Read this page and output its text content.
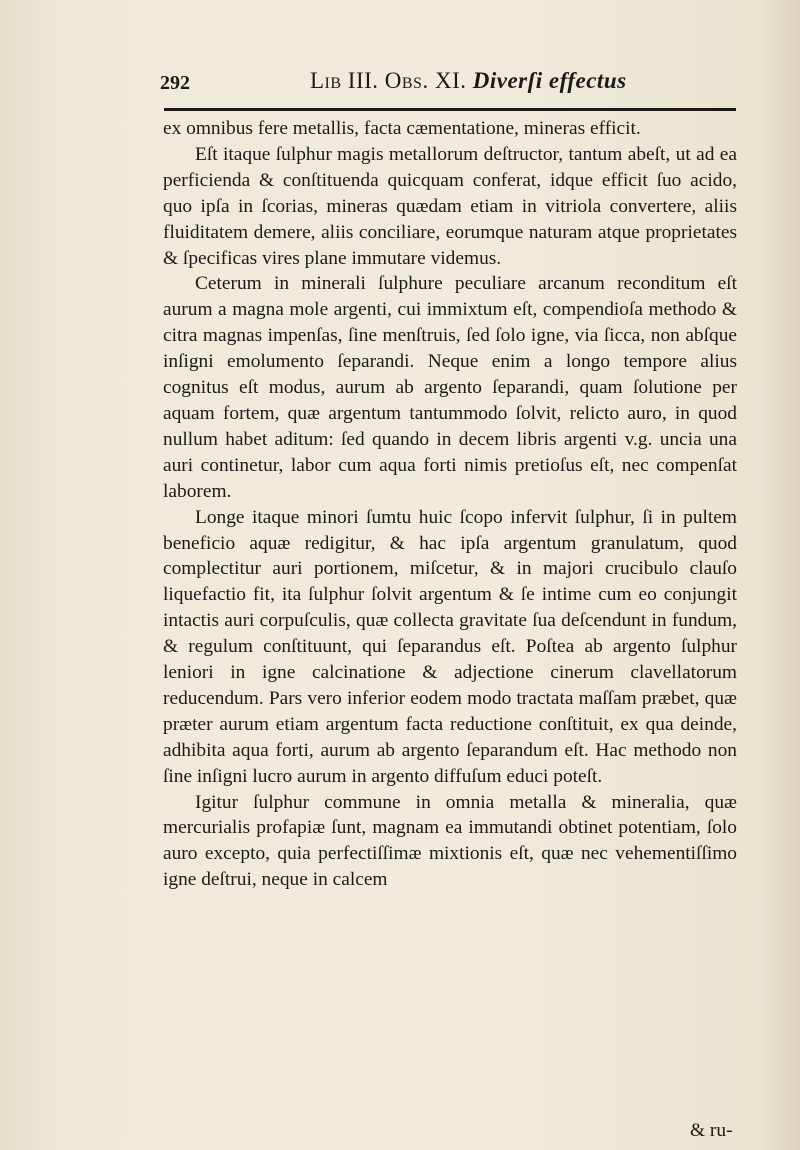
292	Lib III. Obs. XI. Diverſi effectus

ex omnibus fere metallis, facta cæmentatione, mineras efficit.

Eſt itaque ſulphur magis metallorum deſtructor, tantum abeſt, ut ad ea perficienda & conſtituenda quicquam conferat, idque efficit ſuo acido, quo ipſa in ſcorias, mineras quædam etiam in vitriola convertere, aliis fluiditatem demere, aliis conciliare, eorumque naturam atque proprietates & ſpecificas vires plane immutare videmus.

Ceterum in minerali ſulphure peculiare arcanum reconditum eſt aurum a magna mole argenti, cui immixtum eſt, compendioſa methodo & citra magnas impenſas, ſine menſtruis, ſed ſolo igne, via ſicca, non abſque inſigni emolumento ſeparandi. Neque enim a longo tempore alius cognitus eſt modus, aurum ab argento ſeparandi, quam ſolutione per aquam fortem, quæ argentum tantummodo ſolvit, relicto auro, in quod nullum habet aditum: ſed quando in decem libris argenti v.g. uncia una auri continetur, labor cum aqua forti nimis pretioſus eſt, nec compenſat laborem.

Longe itaque minori ſumtu huic ſcopo infervit ſulphur, ſi in pultem beneficio aquæ redigitur, & hac ipſa argentum granulatum, quod complectitur auri portionem, miſcetur, & in majori crucibulo clauſo liquefactio fit, ita ſulphur ſolvit argentum & ſe intime cum eo conjungit intactis auri corpuſculis, quæ collecta gravitate ſua deſcendunt in fundum, & regulum conſtituunt, qui ſeparandus eſt. Poſtea ab argento ſulphur leniori in igne calcinatione & adjectione cinerum clavellatorum reducendum. Pars vero inferior eodem modo tractata maſſam præbet, quæ præter aurum etiam argentum facta reductione conſtituit, ex qua deinde, adhibita aqua forti, aurum ab argento ſeparandum eſt. Hac methodo non ſine inſigni lucro aurum in argento diffuſum educi poteſt.

Igitur ſulphur commune in omnia metalla & mineralia, quæ mercurialis profapiæ ſunt, magnam ea immutandi obtinet potentiam, ſolo auro excepto, quia perfectiſſimæ mixtionis eſt, quæ nec vehementiſſimo igne deſtrui, neque in calcem

& ru-
